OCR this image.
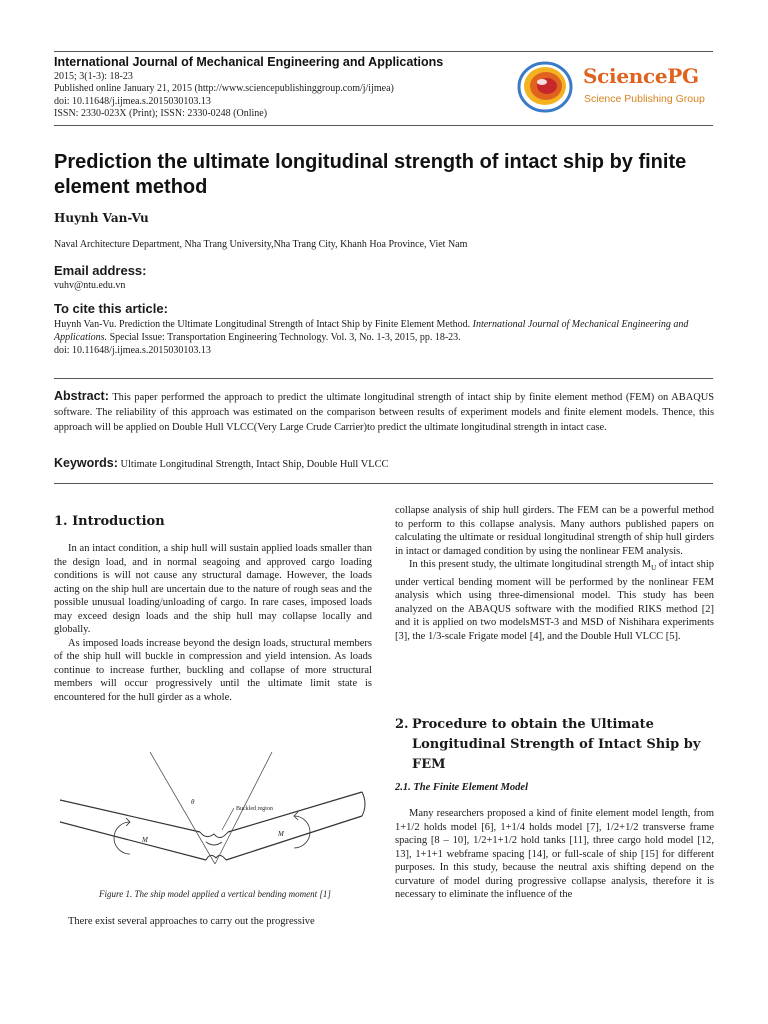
International Journal of Mechanical Engineering and Applications
2015; 3(1-3): 18-23
Published online January 21, 2015 (http://www.sciencepublishinggroup.com/j/ijmea)
doi: 10.11648/j.ijmea.s.2015030103.13
ISSN: 2330-023X (Print); ISSN: 2330-0248 (Online)
SciencePG
Science Publishing Group
Prediction the ultimate longitudinal strength of intact ship by finite element method
Huynh Van-Vu
Naval Architecture Department, Nha Trang University,Nha Trang City, Khanh Hoa Province, Viet Nam
Email address:
vuhv@ntu.edu.vn
To cite this article:
Huynh Van-Vu. Prediction the Ultimate Longitudinal Strength of Intact Ship by Finite Element Method. International Journal of Mechanical Engineering and Applications. Special Issue: Transportation Engineering Technology. Vol. 3, No. 1-3, 2015, pp. 18-23.
doi: 10.11648/j.ijmea.s.2015030103.13
Abstract: This paper performed the approach to predict the ultimate longitudinal strength of intact ship by finite element method (FEM) on ABAQUS software. The reliability of this approach was estimated on the comparison between results of experiment models and finite element models. Thence, this approach will be applied on Double Hull VLCC(Very Large Crude Carrier)to predict the ultimate longitudinal strength in intact case.
Keywords: Ultimate Longitudinal Strength, Intact Ship, Double Hull VLCC
1. Introduction

In an intact condition, a ship hull will sustain applied loads smaller than the design load, and in normal seagoing and approved cargo loading conditions is will not cause any structural damage. However, the loads acting on the ship hull are uncertain due to the nature of rough seas and the possible unusual loading/unloading of cargo. In rare cases, imposed loads may exceed design loads and the ship hull may collapse locally and globally.

As imposed loads increase beyond the design loads, structural members of the ship hull will buckle in compression and yield intension. As loads continue to increase further, buckling and collapse of more structural members will occur progressively until the ultimate limit state is encountered for the hull girder as a whole.

θ
Buckled region
M
M
Figure 1. The ship model applied a vertical bending moment [1]

There exist several approaches to carry out the progressive

collapse analysis of ship hull girders. The FEM can be a powerful method to perform to this collapse analysis. Many authors published papers on calculating the ultimate or residual longitudinal strength of ship hull girders in intact or damaged condition by using the nonlinear FEM analysis.

In this present study, the ultimate longitudinal strength $M_U$ of intact ship under vertical bending moment will be performed by the nonlinear FEM analysis which using three-dimensional model. This study has been analyzed on the ABAQUS software with the modified RIKS method [2] and it is applied on two modelsMST-3 and MSD of Nishihara experiments [3], the 1/3-scale Frigate model [4], and the Double Hull VLCC [5].

2. Procedure to obtain the Ultimate Longitudinal Strength of Intact Ship by FEM
2.1. The Finite Element Model

Many researchers proposed a kind of finite element model length, from 1+1/2 holds model [6], 1+1/4 holds model [7], 1/2+1/2 transverse frame spacing [8 – 10], 1/2+1+1/2 hold tanks [11], three cargo hold model [12, 13], 1+1+1 webframe spacing [14], or full-scale of ship [15] for different purposes. In this study, because the neutral axis shifting depend on the curvature of model during progressive collapse analysis, therefore it is necessary to eliminate the influence of the
